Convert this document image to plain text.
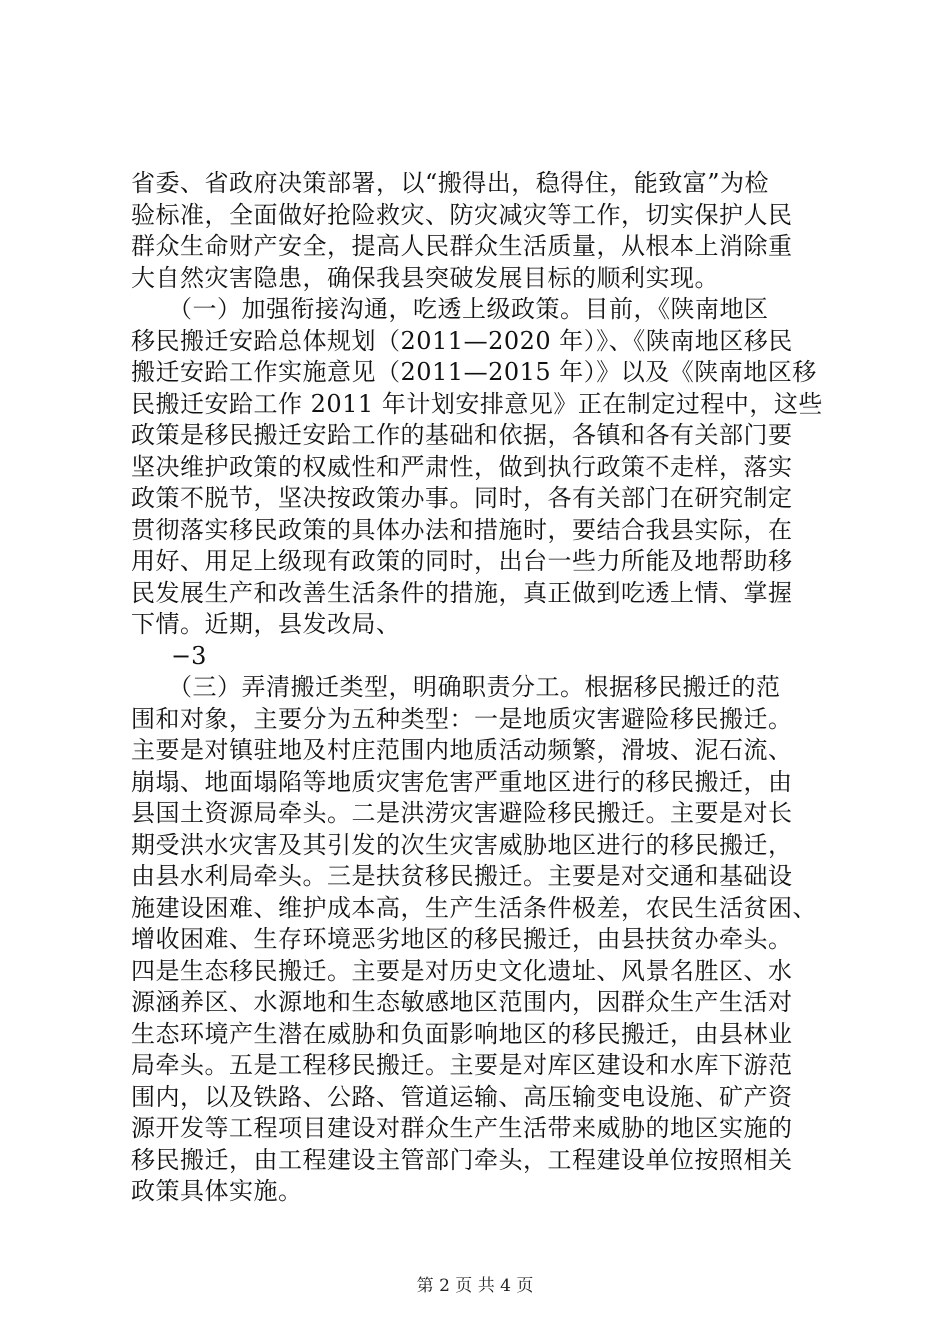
省委、省政府决策部署，以“搬得出，稳得住，能致富”为检
验标准，全面做好抢险救灾、防灾减灾等工作，切实保护人民
群众生命财产安全，提高人民群众生活质量，从根本上消除重
大自然灾害隐患，确保我县突破发展目标的顺利实现。
　　（一）加强衔接沟通，吃透上级政策。目前，《陕南地区
移民搬迁安跲总体规划（2011—2020 年）》、《陕南地区移民
搬迁安跲工作实施意见（2011—2015 年）》以及《陕南地区移
民搬迁安跲工作 2011 年计划安排意见》正在制定过程中，这些
政策是移民搬迁安跲工作的基础和依据，各镇和各有关部门要
坚决维护政策的权威性和严肃性，做到执行政策不走样，落实
政策不脱节，坚决按政策办事。同时，各有关部门在研究制定
贯彻落实移民政策的具体办法和措施时，要结合我县实际，在
用好、用足上级现有政策的同时，出台一些力所能及地帮助移
民发展生产和改善生活条件的措施，真正做到吃透上情、掌握
下情。近期，县发改局、
−3
　　（三）弄清搬迁类型，明确职责分工。根据移民搬迁的范
围和对象，主要分为五种类型：一是地质灾害避险移民搬迁。
主要是对镇驻地及村庄范围内地质活动频繁，滑坡、泥石流、
崩塌、地面塌陷等地质灾害危害严重地区进行的移民搬迁，由
县国土资源局牵头。二是洪涝灾害避险移民搬迁。主要是对长
期受洪水灾害及其引发的次生灾害威胁地区进行的移民搬迁，
由县水利局牵头。三是扶贫移民搬迁。主要是对交通和基础设
施建设困难、维护成本高，生产生活条件极差，农民生活贫困、
增收困难、生存环境恶劣地区的移民搬迁，由县扶贫办牵头。
四是生态移民搬迁。主要是对历史文化遗址、风景名胜区、水
源涵养区、水源地和生态敏感地区范围内，因群众生产生活对
生态环境产生潜在威胁和负面影响地区的移民搬迁，由县林业
局牵头。五是工程移民搬迁。主要是对库区建设和水库下游范
围内，以及铁路、公路、管道运输、高压输变电设施、矿产资
源开发等工程项目建设对群众生产生活带来威胁的地区实施的
移民搬迁，由工程建设主管部门牵头，工程建设单位按照相关
政策具体实施。
第 2 页 共 4 页
